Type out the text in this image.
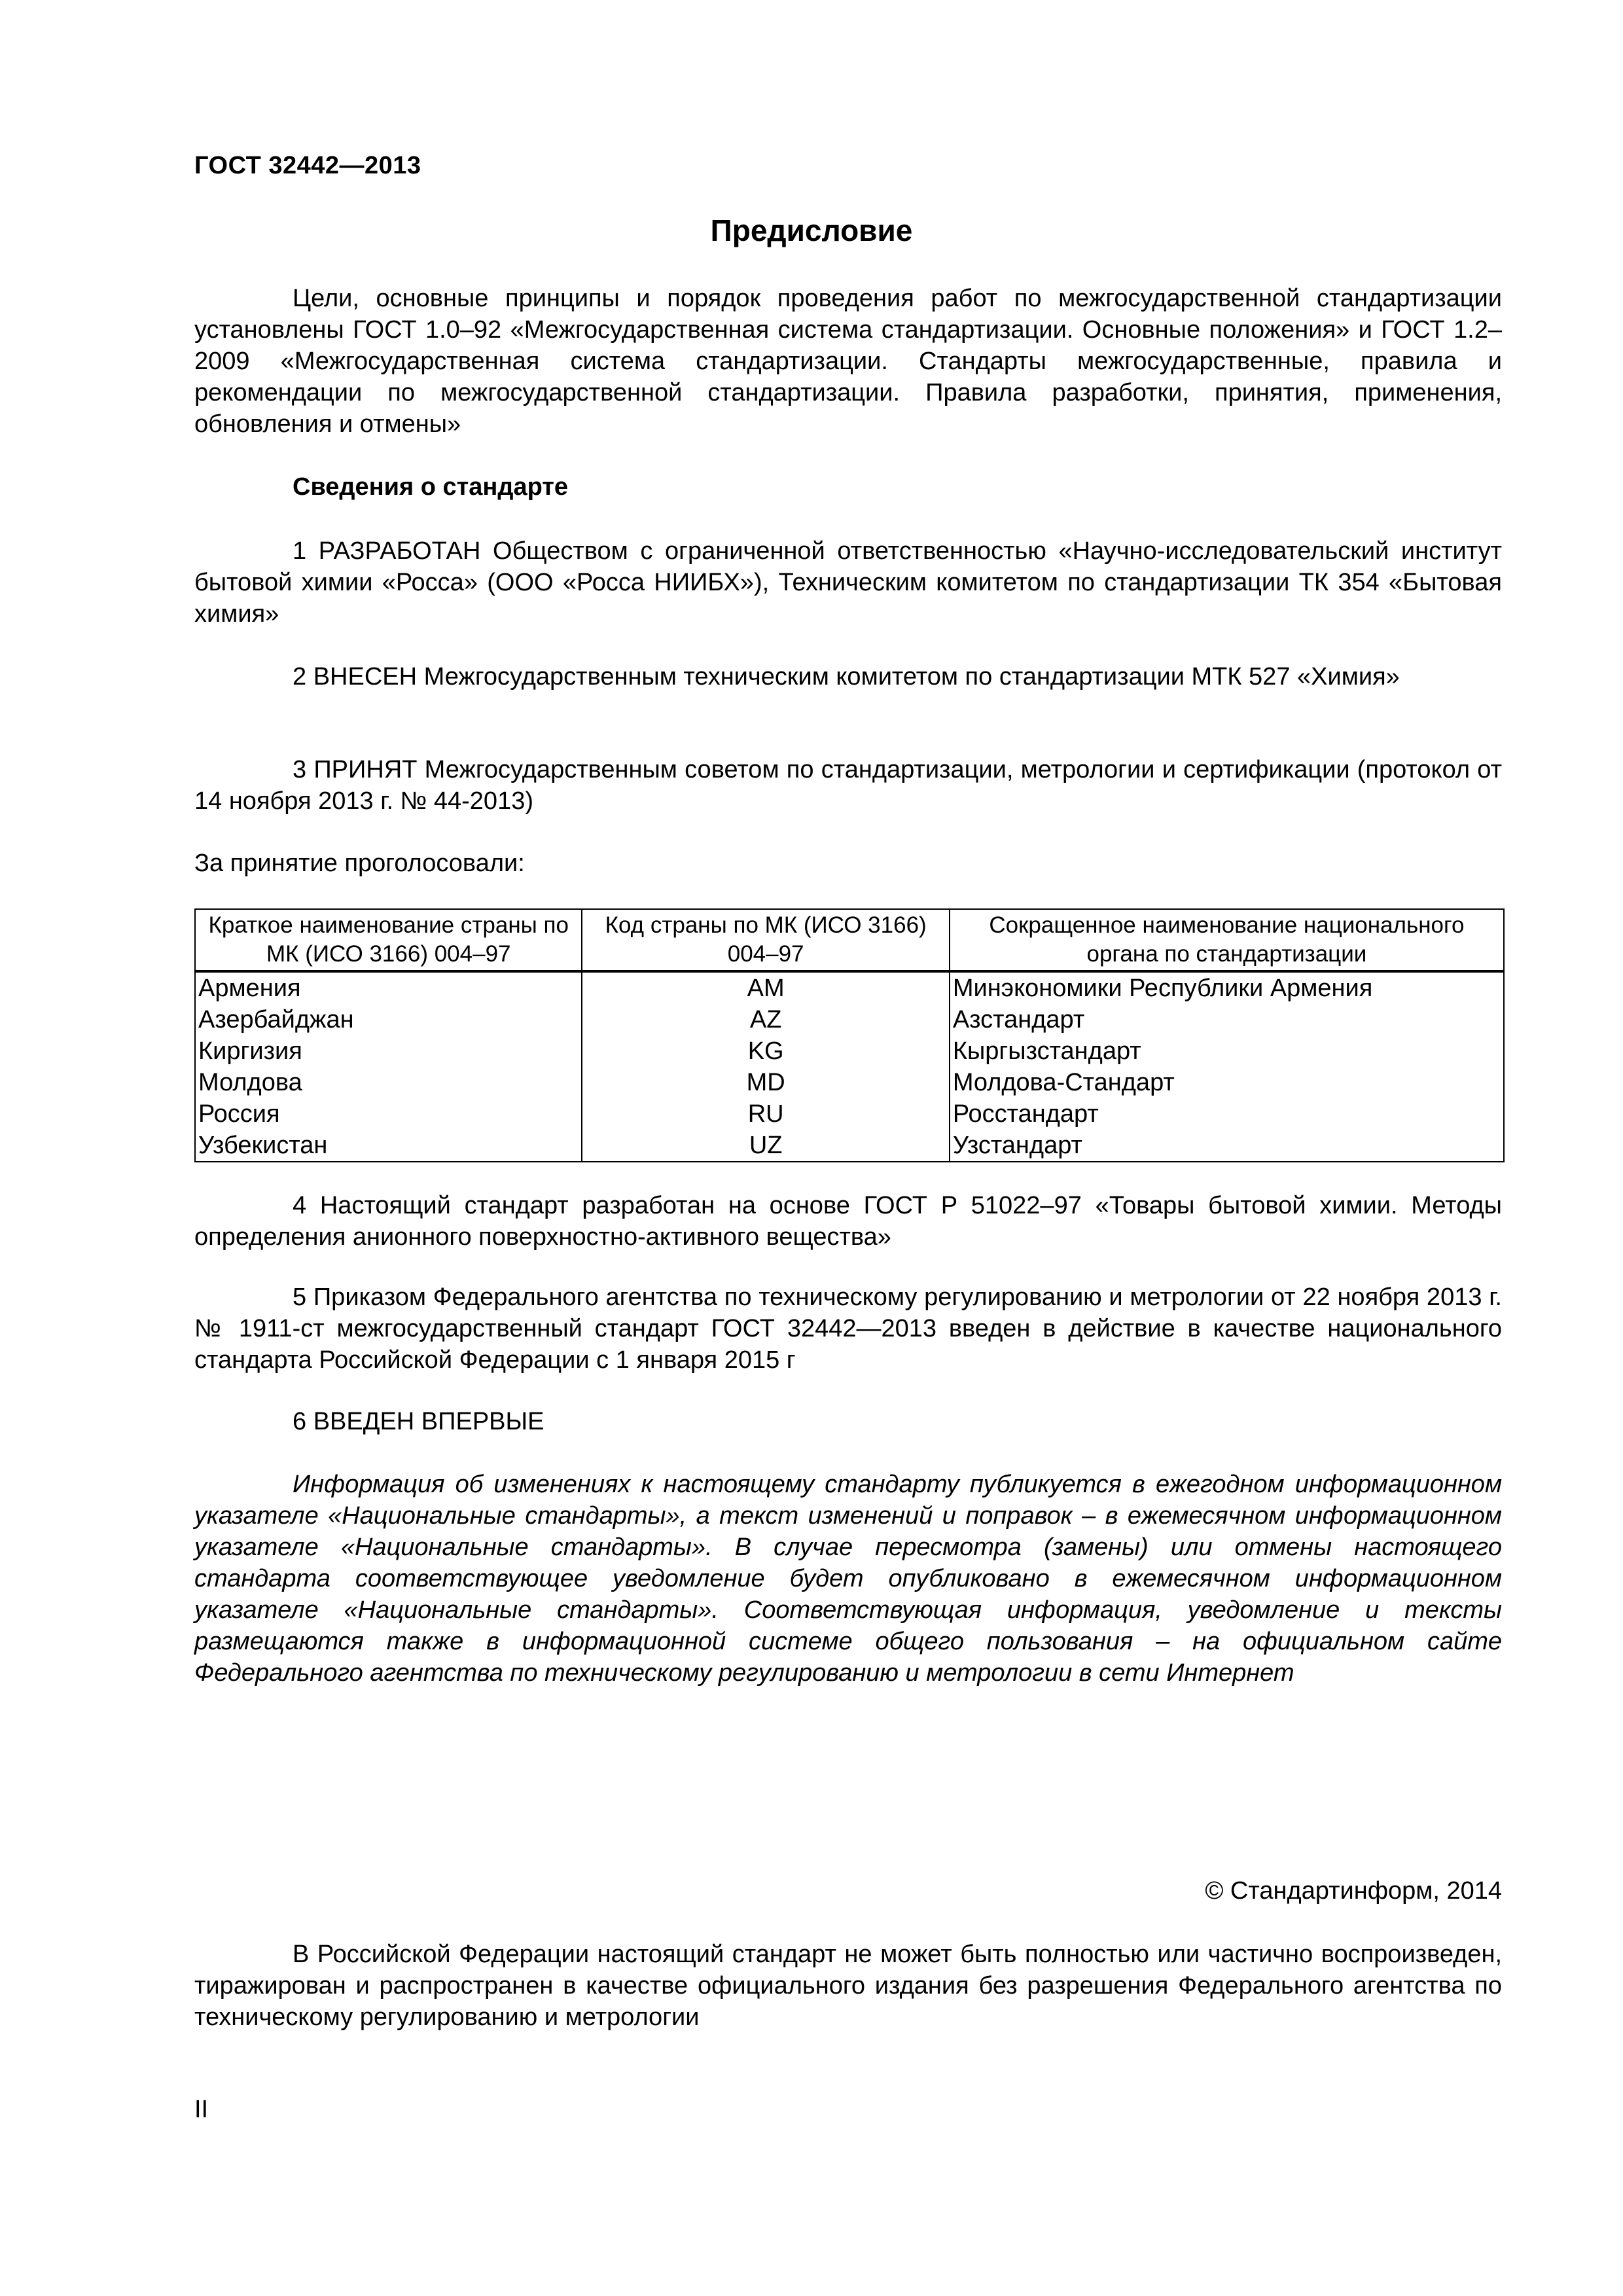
ГОСТ 32442—2013
Предисловие

Цели, основные принципы и порядок проведения работ по межгосударственной стандартизации установлены ГОСТ 1.0–92 «Межгосударственная система стандартизации. Основные положения» и ГОСТ 1.2–2009 «Межгосударственная система стандартизации. Стандарты межгосударственные, правила и рекомендации по межгосударственной стандартизации. Правила разработки, принятия, применения, обновления и отмены»

Сведения о стандарте

1 РАЗРАБОТАН Обществом с ограниченной ответственностью «Научно-исследовательский институт бытовой химии «Росса» (ООО «Росса НИИБХ»), Техническим комитетом по стандартизации ТК 354 «Бытовая химия»

2 ВНЕСЕН Межгосударственным техническим комитетом по стандартизации МТК 527 «Химия»

3 ПРИНЯТ Межгосударственным советом по стандартизации, метрологии и сертификации (протокол от 14 ноября 2013 г. № 44-2013)

За принятие проголосовали:

Краткое наименование страны по МК (ИСО 3166) 004–97	Код страны по МК (ИСО 3166) 004–97	Сокращенное наименование национального органа по стандартизации
Армения	AM	Минэкономики Республики Армения
Азербайджан	AZ	Азстандарт
Киргизия	KG	Кыргызстандарт
Молдова	MD	Молдова-Стандарт
Россия	RU	Росстандарт
Узбекистан	UZ	Узстандарт

4 Настоящий стандарт разработан на основе ГОСТ Р 51022–97 «Товары бытовой химии. Методы определения анионного поверхностно-активного вещества»

5 Приказом Федерального агентства по техническому регулированию и метрологии от 22 ноября 2013 г. № 1911-ст межгосударственный стандарт ГОСТ 32442—2013 введен в действие в качестве национального стандарта Российской Федерации с 1 января 2015 г

6 ВВЕДЕН ВПЕРВЫЕ

Информация об изменениях к настоящему стандарту публикуется в ежегодном информационном указателе «Национальные стандарты», а текст изменений и поправок – в ежемесячном информационном указателе «Национальные стандарты». В случае пересмотра (замены) или отмены настоящего стандарта соответствующее уведомление будет опубликовано в ежемесячном информационном указателе «Национальные стандарты». Соответствующая информация, уведомление и тексты размещаются также в информационной системе общего пользования – на официальном сайте Федерального агентства по техническому регулированию и метрологии в сети Интернет

© Стандартинформ, 2014

В Российской Федерации настоящий стандарт не может быть полностью или частично воспроизведен, тиражирован и распространен в качестве официального издания без разрешения Федерального агентства по техническому регулированию и метрологии

II
